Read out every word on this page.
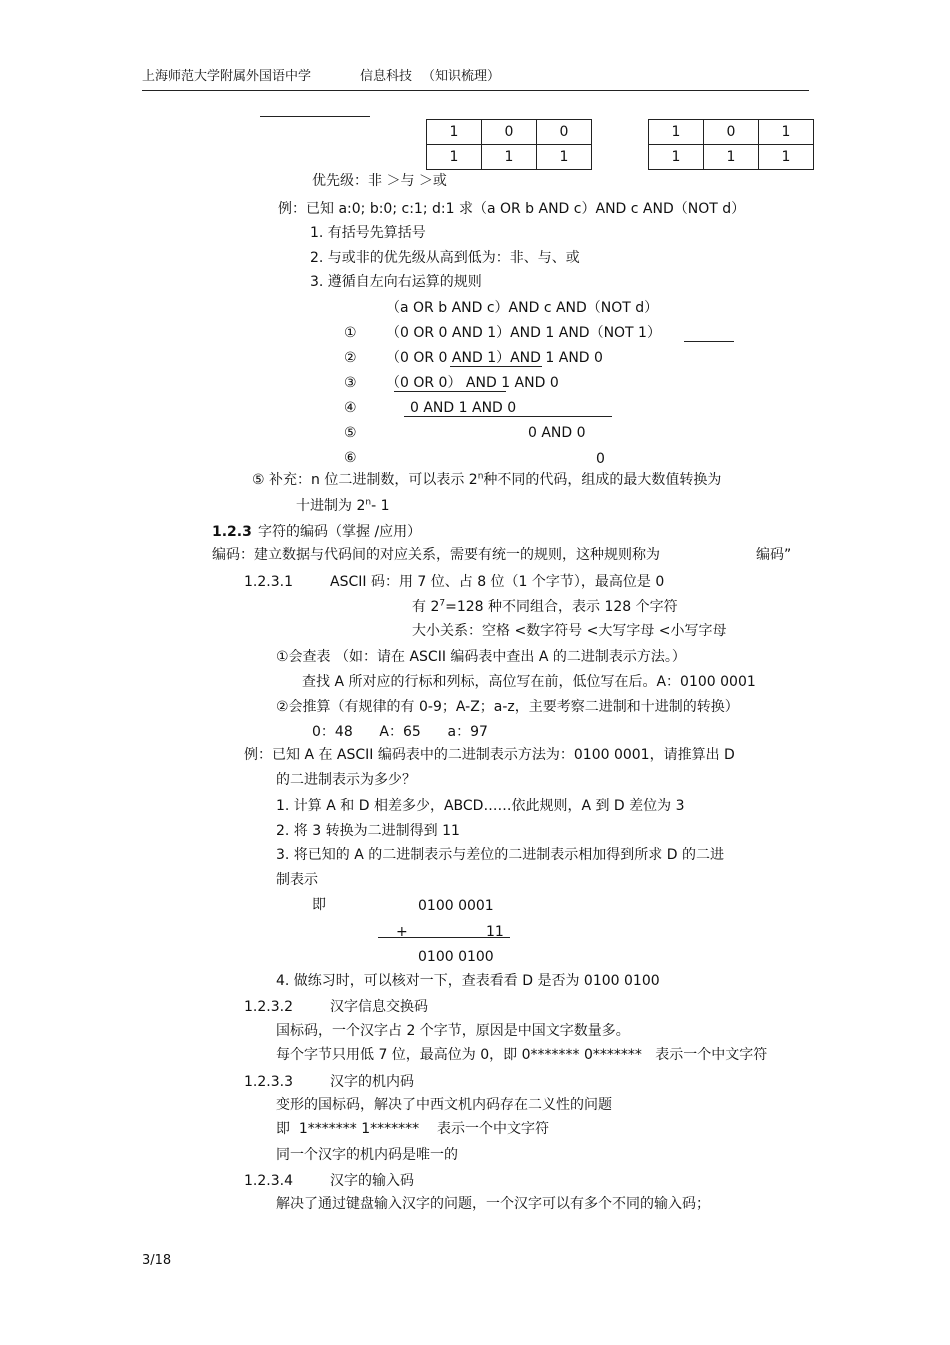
上海师范大学附属外国语中学	信息科技 （知识梳理）
1	0	0
1	1	1
1	0	1
1	1	1
优先级：非 ＞与 ＞或
例：已知 a:0; b:0; c:1; d:1 求（a OR b AND c）AND c AND（NOT d）
1. 有括号先算括号
2. 与或非的优先级从高到低为：非、与、或
3. 遵循自左向右运算的规则
（a OR b AND c）AND c AND（NOT d）
① （0 OR 0 AND 1）AND 1 AND（NOT 1）
② （0 OR 0 AND 1）AND 1 AND 0
③ （0 OR 0） AND 1 AND 0
④	0 AND 1 AND 0
⑤	0 AND 0
⑥	0
⑤ 补充：n 位二进制数，可以表示 2$^n$种不同的代码，组成的最大数值转换为
十进制为 2$^n$- 1
1.2.3 字符的编码（掌握 /应用）
编码：建立数据与代码间的对应关系，需要有统一的规则，这种规则称为	编码”
1.2.3.1	ASCII 码：用 7 位、占 8 位（1 个字节），最高位是 0
有 $2^7=128$ 种不同组合，表示 128 个字符
大小关系：空格 <数字符号 <大写字母 <小写字母
①会查表 （如：请在 ASCII 编码表中查出 A 的二进制表示方法。）
查找 A 所对应的行标和列标，高位写在前，低位写在后。A：0100 0001
②会推算（有规律的有 0-9；A-Z；a-z，主要考察二进制和十进制的转换）
0：48      A：65      a：97
例：已知 A 在 ASCII 编码表中的二进制表示方法为：0100 0001，请推算出 D
的二进制表示为多少？
1. 计算 A 和 D 相差多少，ABCD……依此规则，A 到 D 差位为 3
2. 将 3 转换为二进制得到 11
3. 将已知的 A 的二进制表示与差位的二进制表示相加得到所求 D 的二进
制表示
即	0100 0001
+	11
0100 0100
4. 做练习时，可以核对一下，查表看看 D 是否为 0100 0100
1.2.3.2	汉字信息交换码
国标码，一个汉字占 2 个字节，原因是中国文字数量多。
每个字节只用低 7 位，最高位为 0，即 0******* 0*******   表示一个中文字符
1.2.3.3	汉字的机内码
变形的国标码，解决了中西文机内码存在二义性的问题
即  1******* 1*******    表示一个中文字符
同一个汉字的机内码是唯一的
1.2.3.4	汉字的输入码
解决了通过键盘输入汉字的问题，一个汉字可以有多个不同的输入码；
3/18
